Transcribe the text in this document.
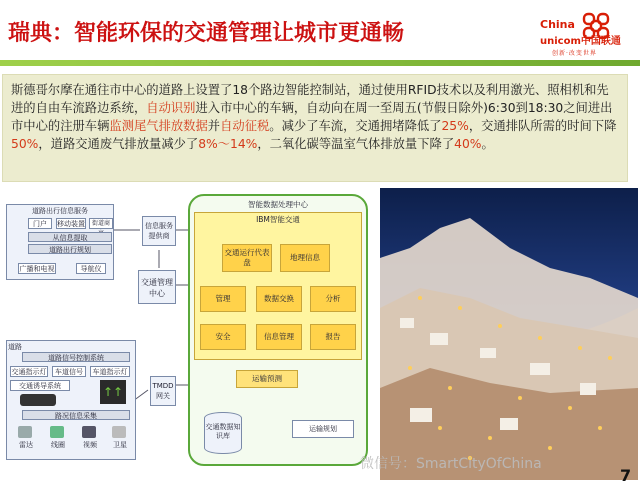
瑞典：智能环保的交通管理让城市更通畅	China
unicom中国联通
创新·改变世界
斯德哥尔摩在通往市中心的道路上设置了18个路边智能控制站，通过使用RFID技术以及利用激光、照相机和先进的自由车流路边系统，自动识别进入市中心的车辆，自动向在周一至周五(节假日除外)6:30到18:30之间进出市中心的注册车辆监测尾气排放数据并自动征税。减少了车流，交通拥堵降低了25%，交通排队所需的时间下降50%，道路交通废气排放量减少了8%～14%，二氧化碳等温室气体排放量下降了40%。
道路出行信息服务
门户	移动装置	街道商
从信息提取
道路出行规划
广播和电视	导航仪
信息服务提供商
交通管理中心
道路
道路信号控制系统
交通指示灯	车道信号	车道指示灯
交通诱导系统	↑↑
路况信息采集
雷达	线圈	视频	卫星
TMDD网关
智能数据处理中心
IBM智能交通
交通运行代表盘
地理信息
管理	数据交换	分析
安全	信息管理	报告
运输预测
交通数据知识库
运输规划
微信号：SmartCityOfChina
7
